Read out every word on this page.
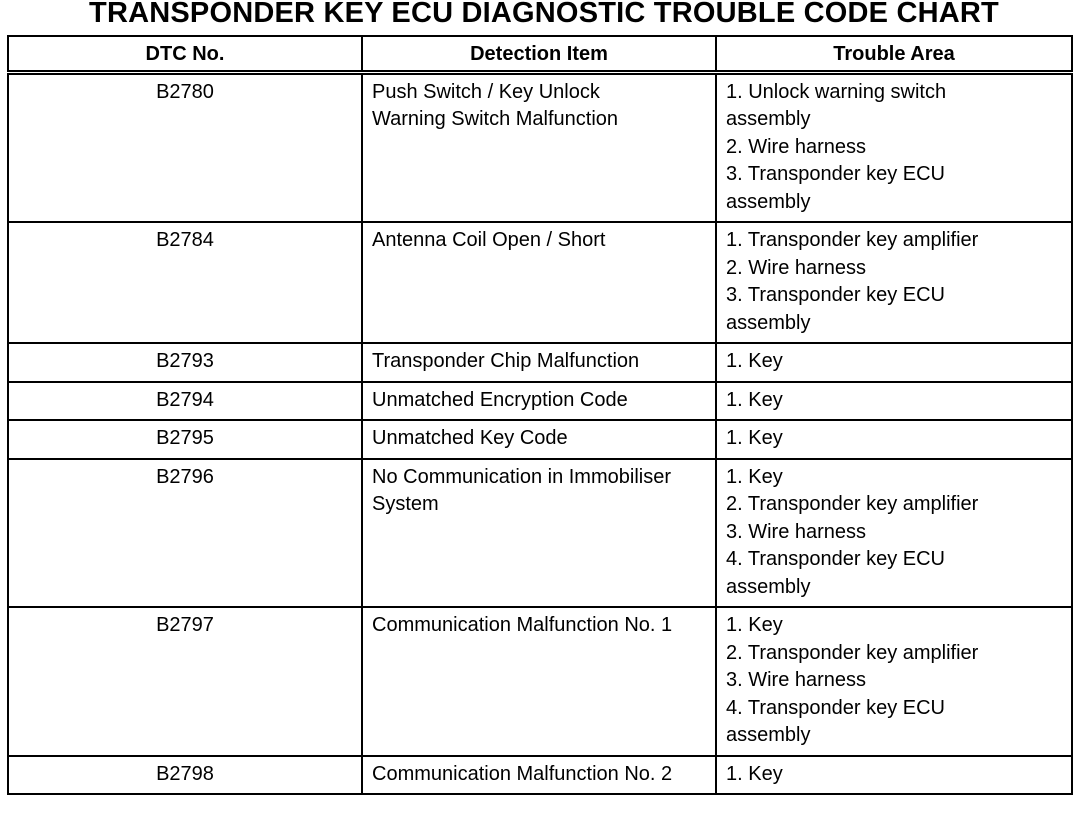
TRANSPONDER KEY ECU DIAGNOSTIC TROUBLE CODE CHART
DTC No.	Detection Item	Trouble Area
B2780	Push Switch / Key Unlock
Warning Switch Malfunction	1. Unlock warning switch
assembly
2. Wire harness
3. Transponder key ECU
assembly

B2784	Antenna Coil Open / Short	1. Transponder key amplifier
2. Wire harness
3. Transponder key ECU
assembly

B2793	Transponder Chip Malfunction	1. Key

B2794	Unmatched Encryption Code	1. Key

B2795	Unmatched Key Code	1. Key

B2796	No Communication in Immobiliser
System	1. Key
2. Transponder key amplifier
3. Wire harness
4. Transponder key ECU
assembly

B2797	Communication Malfunction No. 1	1. Key
2. Transponder key amplifier
3. Wire harness
4. Transponder key ECU
assembly

B2798	Communication Malfunction No. 2	1. Key
